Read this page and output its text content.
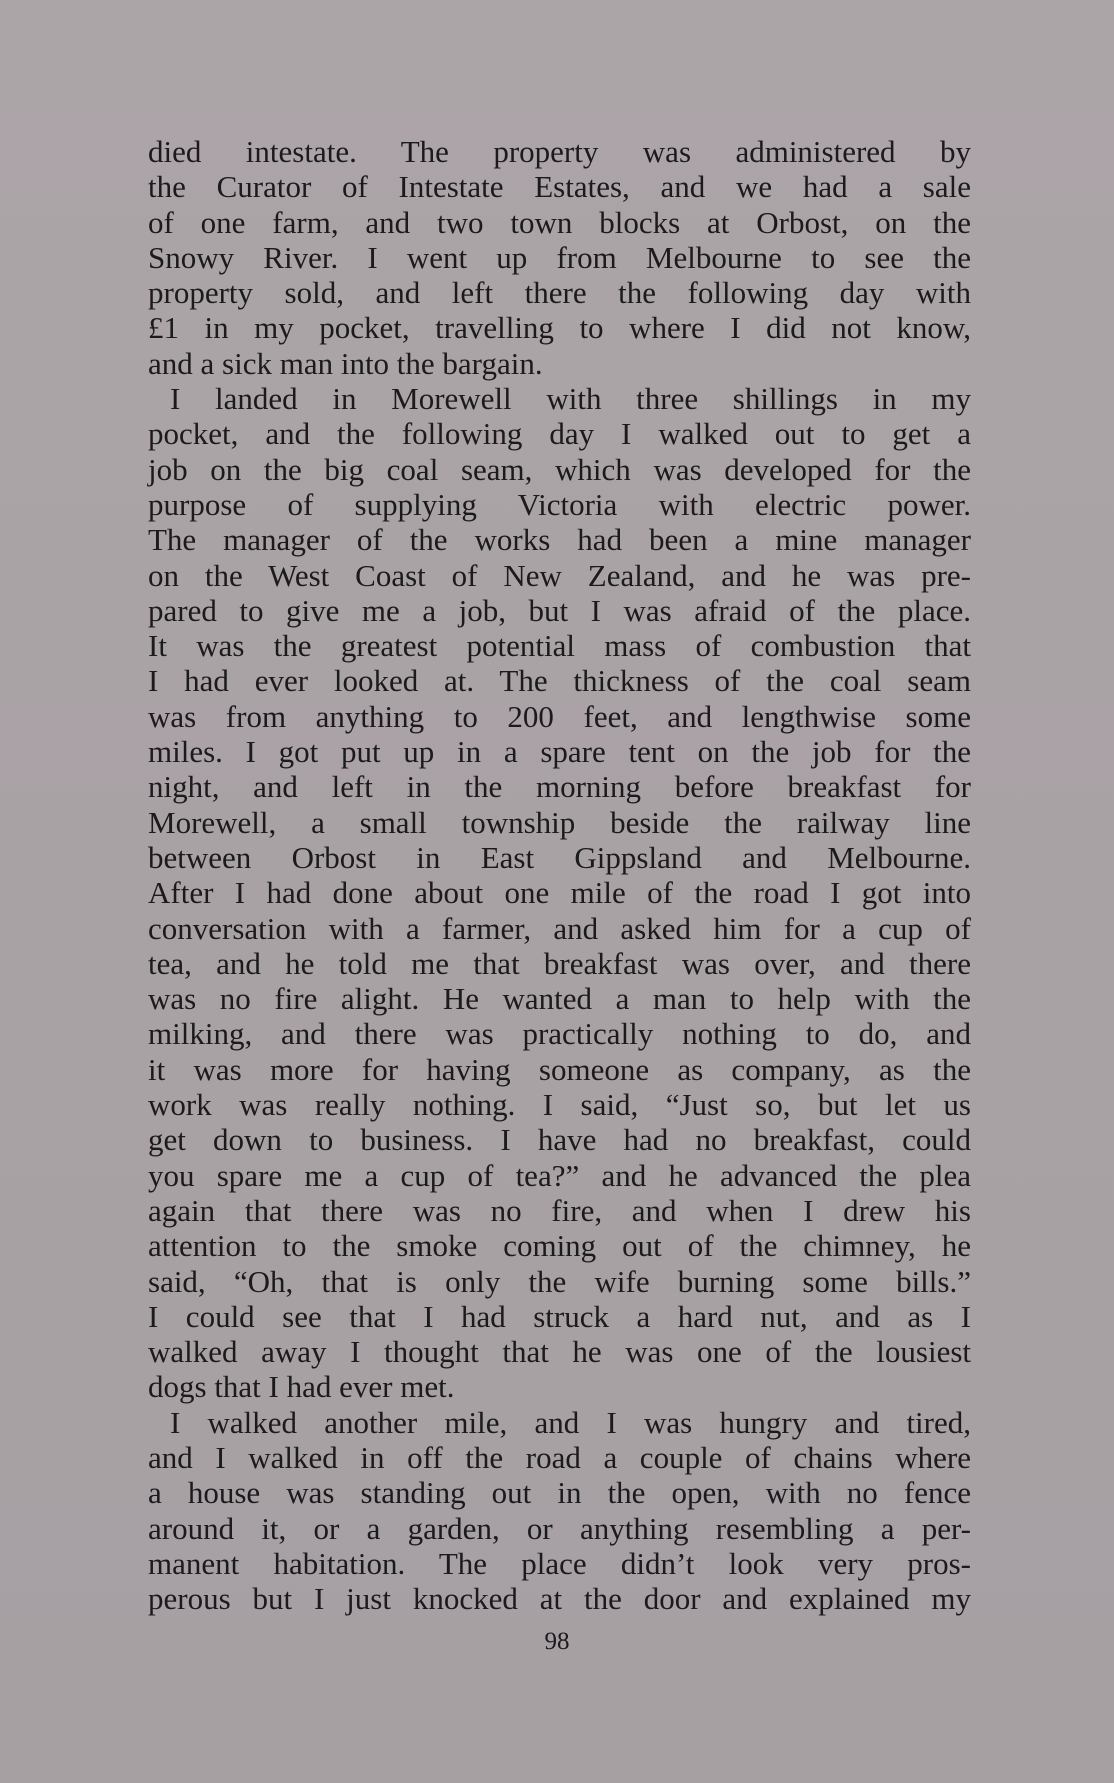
died intestate. The property was administered by
the Curator of Intestate Estates, and we had a sale
of one farm, and two town blocks at Orbost, on the
Snowy River. I went up from Melbourne to see the
property sold, and left there the following day with
£1 in my pocket, travelling to where I did not know,
and a sick man into the bargain.
I landed in Morewell with three shillings in my
pocket, and the following day I walked out to get a
job on the big coal seam, which was developed for the
purpose of supplying Victoria with electric power.
The manager of the works had been a mine manager
on the West Coast of New Zealand, and he was pre-
pared to give me a job, but I was afraid of the place.
It was the greatest potential mass of combustion that
I had ever looked at. The thickness of the coal seam
was from anything to 200 feet, and lengthwise some
miles. I got put up in a spare tent on the job for the
night, and left in the morning before breakfast for
Morewell, a small township beside the railway line
between Orbost in East Gippsland and Melbourne.
After I had done about one mile of the road I got into
conversation with a farmer, and asked him for a cup of
tea, and he told me that breakfast was over, and there
was no fire alight. He wanted a man to help with the
milking, and there was practically nothing to do, and
it was more for having someone as company, as the
work was really nothing. I said, “Just so, but let us
get down to business. I have had no breakfast, could
you spare me a cup of tea?” and he advanced the plea
again that there was no fire, and when I drew his
attention to the smoke coming out of the chimney, he
said, “Oh, that is only the wife burning some bills.”
I could see that I had struck a hard nut, and as I
walked away I thought that he was one of the lousiest
dogs that I had ever met.
I walked another mile, and I was hungry and tired,
and I walked in off the road a couple of chains where
a house was standing out in the open, with no fence
around it, or a garden, or anything resembling a per-
manent habitation. The place didn’t look very pros-
perous but I just knocked at the door and explained my
98
